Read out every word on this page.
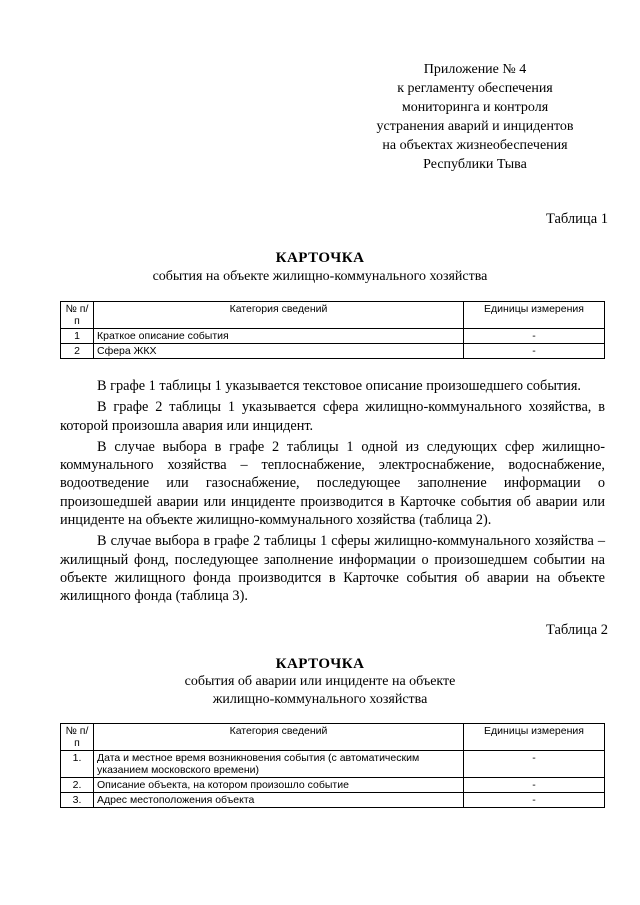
Приложение № 4
к регламенту обеспечения
мониторинга и контроля
устранения аварий и инцидентов
на объектах жизнеобеспечения
Республики Тыва
Таблица 1
КАРТОЧКА
события на объекте жилищно-коммунального хозяйства
№ п/п	Категория сведений	Единицы измерения
1	Краткое описание события	-
2	Сфера ЖКХ	-

В графе 1 таблицы 1 указывается текстовое описание произошедшего события.

В графе 2 таблицы 1 указывается сфера жилищно-коммунального хозяйства, в которой произошла авария или инцидент.

В случае выбора в графе 2 таблицы 1 одной из следующих сфер жилищно-коммунального хозяйства – теплоснабжение, электроснабжение, водоснабжение, водоотведение или газоснабжение, последующее заполнение информации о произошедшей аварии или инциденте производится в Карточке события об аварии или инциденте на объекте жилищно-коммунального хозяйства (таблица 2).

В случае выбора в графе 2 таблицы 1 сферы жилищно-коммунального хозяйства – жилищный фонд, последующее заполнение информации о произошедшем событии на объекте жилищного фонда производится в Карточке события об аварии на объекте жилищного фонда (таблица 3).

Таблица 2
КАРТОЧКА
события об аварии или инциденте на объекте
жилищно-коммунального хозяйства
№ п/п	Категория сведений	Единицы измерения
1.	Дата и местное время возникновения события (с автоматическим указанием московского времени)	-
2.	Описание объекта, на котором произошло событие	-
3.	Адрес местоположения объекта	-
